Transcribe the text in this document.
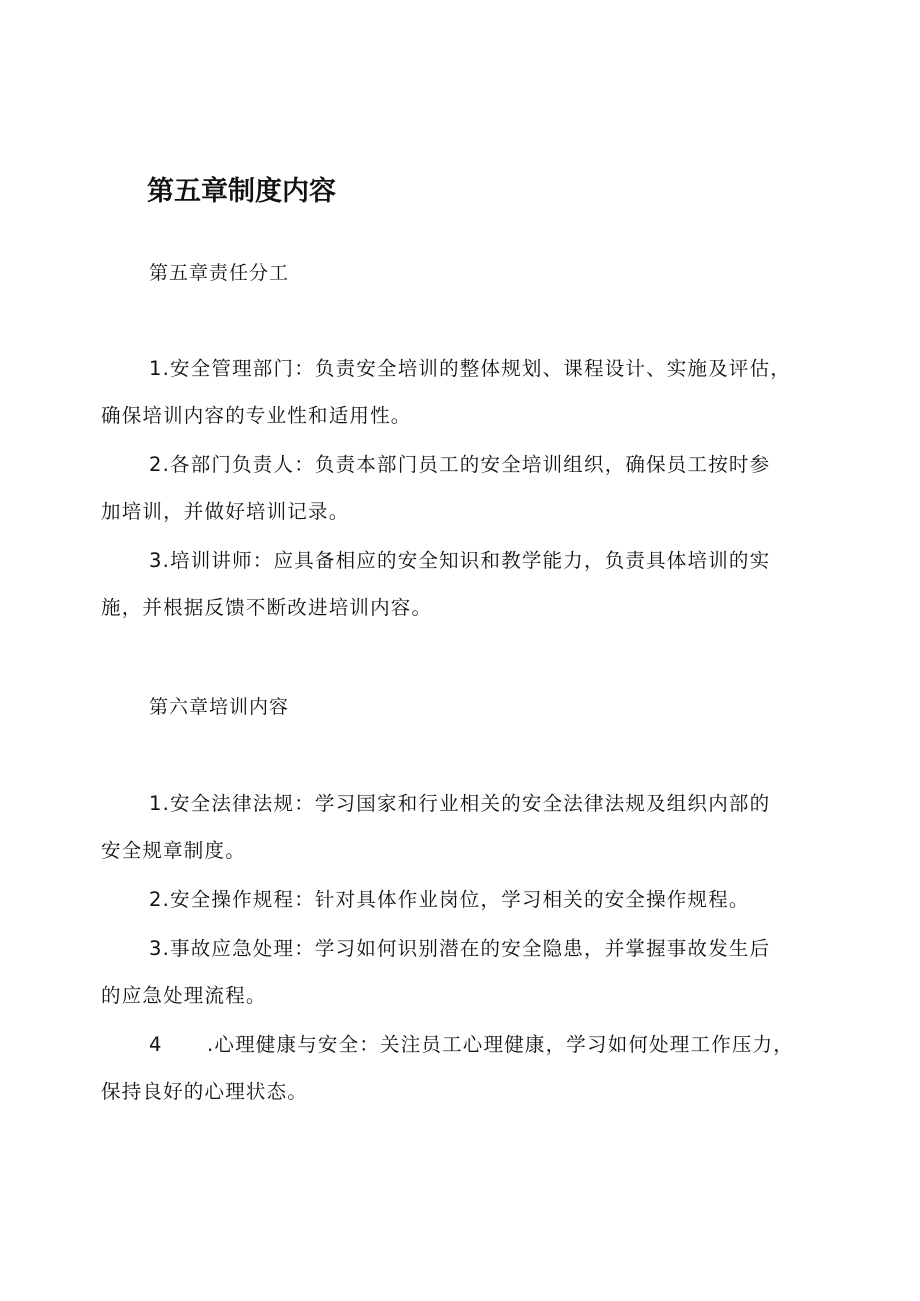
第五章制度内容
第五章责任分工
1.安全管理部门：负责安全培训的整体规划、课程设计、实施及评估，
确保培训内容的专业性和适用性。
2.各部门负责人：负责本部门员工的安全培训组织，确保员工按时参
加培训，并做好培训记录。
3.培训讲师：应具备相应的安全知识和教学能力，负责具体培训的实
施，并根据反馈不断改进培训内容。
第六章培训内容
1.安全法律法规：学习国家和行业相关的安全法律法规及组织内部的
安全规章制度。
2.安全操作规程：针对具体作业岗位，学习相关的安全操作规程。
3.事故应急处理：学习如何识别潜在的安全隐患，并掌握事故发生后
的应急处理流程。
4 .心理健康与安全：关注员工心理健康，学习如何处理工作压力，
保持良好的心理状态。
